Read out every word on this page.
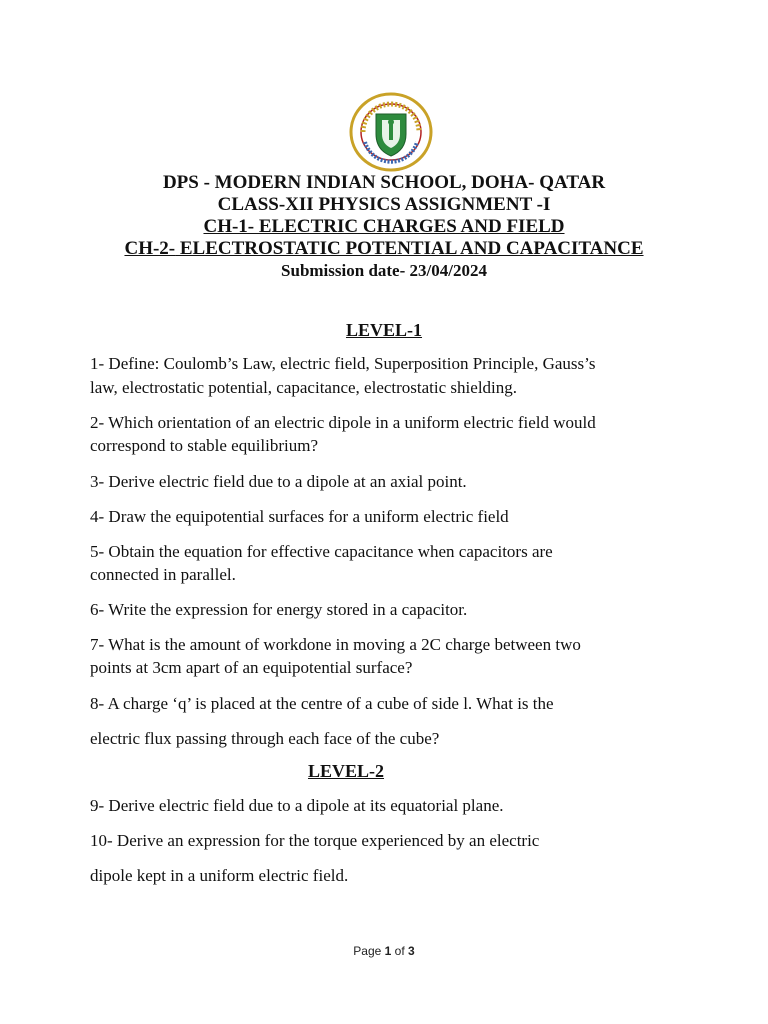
DPS - MODERN INDIAN SCHOOL, DOHA- QATAR
CLASS-XII PHYSICS ASSIGNMENT -I
CH-1- ELECTRIC CHARGES AND FIELD
CH-2- ELECTROSTATIC POTENTIAL AND CAPACITANCE
Submission date- 23/04/2024
LEVEL-1
1- Define: Coulomb’s Law, electric field, Superposition Principle, Gauss’s
law, electrostatic potential, capacitance, electrostatic shielding.
2- Which orientation of an electric dipole in a uniform electric field would
correspond to stable equilibrium?
3- Derive electric field due to a dipole at an axial point.
4- Draw the equipotential surfaces for a uniform electric field
5- Obtain the equation for effective capacitance when capacitors are
connected in parallel.
6- Write the expression for energy stored in a capacitor.
7- What is the amount of workdone in moving a 2C charge between two
points at 3cm apart of an equipotential surface?
8- A charge ‘q’ is placed at the centre of a cube of side l. What is the
electric flux passing through each face of the cube?
LEVEL-2
9- Derive electric field due to a dipole at its equatorial plane.
10- Derive an expression for the torque experienced by an electric
dipole kept in a uniform electric field.
Page 1 of 3
